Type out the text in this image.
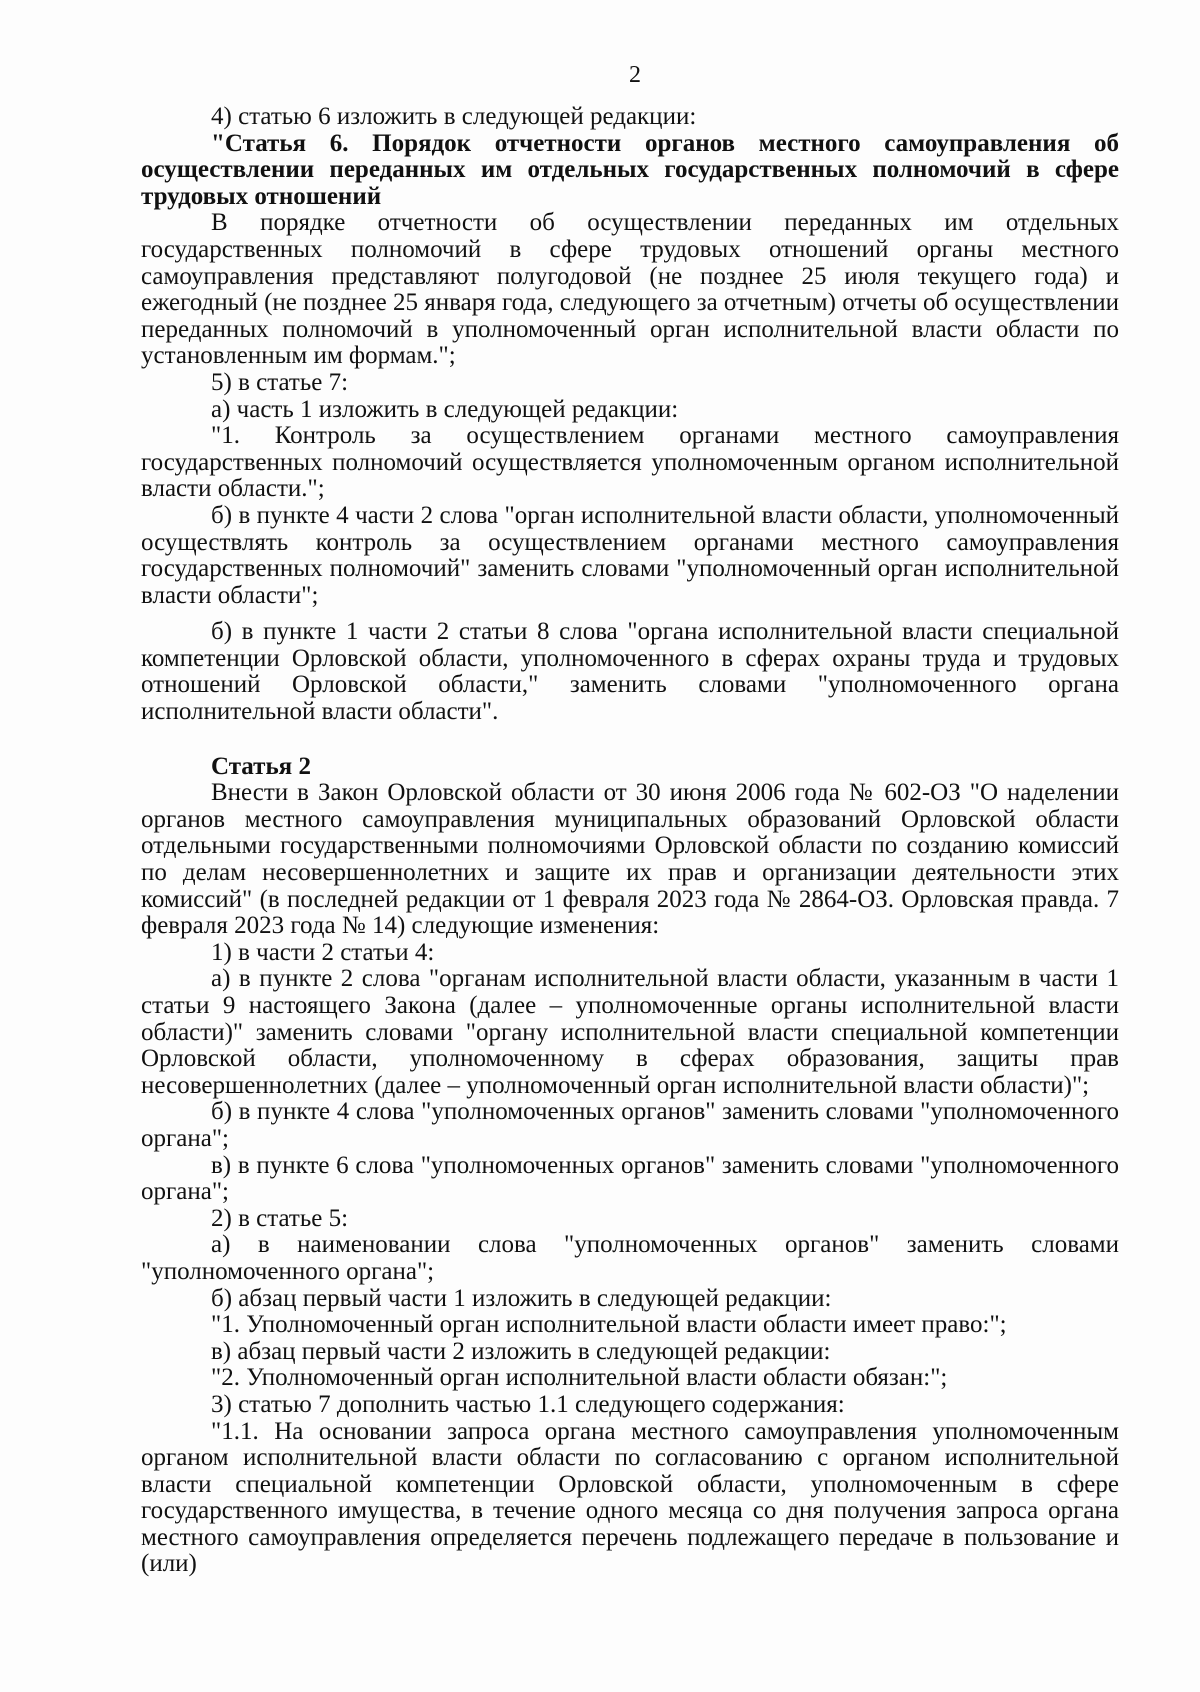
2

4) статью 6 изложить в следующей редакции:

"Статья 6. Порядок отчетности органов местного самоуправления об осуществлении переданных им отдельных государственных полномочий в сфере трудовых отношений

В порядке отчетности об осуществлении переданных им отдельных государственных полномочий в сфере трудовых отношений органы местного самоуправления представляют полугодовой (не позднее 25 июля текущего года) и ежегодный (не позднее 25 января года, следующего за отчетным) отчеты об осуществлении переданных полномочий в уполномоченный орган исполнительной власти области по установленным им формам.";

5) в статье 7:

а) часть 1 изложить в следующей редакции:

"1. Контроль за осуществлением органами местного самоуправления государственных полномочий осуществляется уполномоченным органом исполнительной власти области.";

б) в пункте 4 части 2 слова "орган исполнительной власти области, уполномоченный осуществлять контроль за осуществлением органами местного самоуправления государственных полномочий" заменить словами "уполномоченный орган исполнительной власти области";

б) в пункте 1 части 2 статьи 8 слова "органа исполнительной власти специальной компетенции Орловской области, уполномоченного в сферах охраны труда и трудовых отношений Орловской области," заменить словами "уполномоченного органа исполнительной власти области".

Статья 2

Внести в Закон Орловской области от 30 июня 2006 года № 602-ОЗ "О наделении органов местного самоуправления муниципальных образований Орловской области отдельными государственными полномочиями Орловской области по созданию комиссий по делам несовершеннолетних и защите их прав и организации деятельности этих комиссий" (в последней редакции от 1 февраля 2023 года № 2864-ОЗ. Орловская правда. 7 февраля 2023 года № 14) следующие изменения:

1) в части 2 статьи 4:

а) в пункте 2 слова "органам исполнительной власти области, указанным в части 1 статьи 9 настоящего Закона (далее – уполномоченные органы исполнительной власти области)" заменить словами "органу исполнительной власти специальной компетенции Орловской области, уполномоченному в сферах образования, защиты прав несовершеннолетних (далее – уполномоченный орган исполнительной власти области)";

б) в пункте 4 слова "уполномоченных органов" заменить словами "уполномоченного органа";

в) в пункте 6 слова "уполномоченных органов" заменить словами "уполномоченного органа";

2) в статье 5:

а) в наименовании слова "уполномоченных органов" заменить словами "уполномоченного органа";

б) абзац первый части 1 изложить в следующей редакции:

"1. Уполномоченный орган исполнительной власти области имеет право:";

в) абзац первый части 2 изложить в следующей редакции:

"2. Уполномоченный орган исполнительной власти области обязан:";

3) статью 7 дополнить частью 1.1 следующего содержания:

"1.1. На основании запроса органа местного самоуправления уполномоченным органом исполнительной власти области по согласованию с органом исполнительной власти специальной компетенции Орловской области, уполномоченным в сфере государственного имущества, в течение одного месяца со дня получения запроса органа местного самоуправления определяется перечень подлежащего передаче в пользование и (или)
